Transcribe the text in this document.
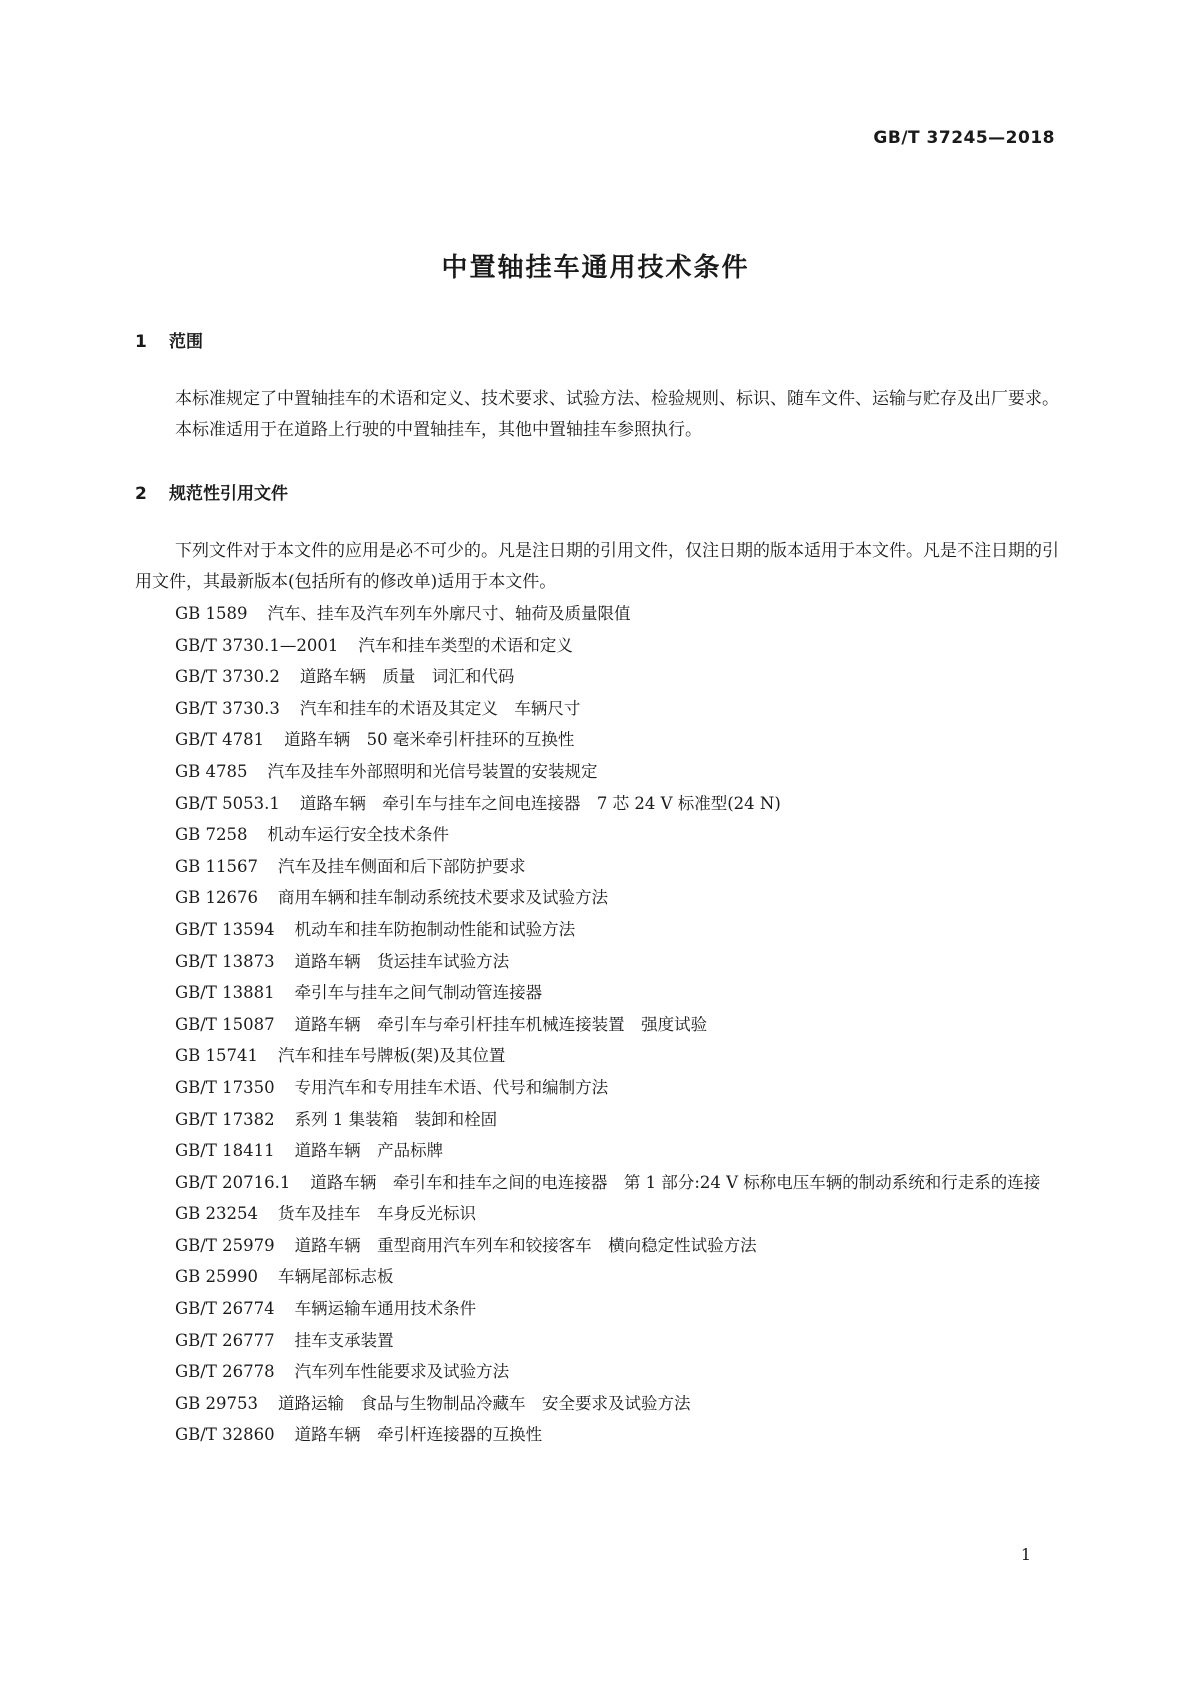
GB/T 37245—2018
中置轴挂车通用技术条件
1 范围

本标准规定了中置轴挂车的术语和定义、技术要求、试验方法、检验规则、标识、随车文件、运输与贮存及出厂要求。

本标准适用于在道路上行驶的中置轴挂车，其他中置轴挂车参照执行。

2 规范性引用文件

下列文件对于本文件的应用是必不可少的。凡是注日期的引用文件，仅注日期的版本适用于本文件。凡是不注日期的引用文件，其最新版本(包括所有的修改单)适用于本文件。

GB 1589 汽车、挂车及汽车列车外廓尺寸、轴荷及质量限值
GB/T 3730.1—2001 汽车和挂车类型的术语和定义
GB/T 3730.2 道路车辆　质量　词汇和代码
GB/T 3730.3 汽车和挂车的术语及其定义　车辆尺寸
GB/T 4781 道路车辆　50 毫米牵引杆挂环的互换性
GB 4785 汽车及挂车外部照明和光信号装置的安装规定
GB/T 5053.1 道路车辆　牵引车与挂车之间电连接器　7 芯 24 V 标准型(24 N)
GB 7258 机动车运行安全技术条件
GB 11567 汽车及挂车侧面和后下部防护要求
GB 12676 商用车辆和挂车制动系统技术要求及试验方法
GB/T 13594 机动车和挂车防抱制动性能和试验方法
GB/T 13873 道路车辆　货运挂车试验方法
GB/T 13881 牵引车与挂车之间气制动管连接器
GB/T 15087 道路车辆　牵引车与牵引杆挂车机械连接装置　强度试验
GB 15741 汽车和挂车号牌板(架)及其位置
GB/T 17350 专用汽车和专用挂车术语、代号和编制方法
GB/T 17382 系列 1 集装箱　装卸和栓固
GB/T 18411 道路车辆　产品标牌
GB/T 20716.1 道路车辆　牵引车和挂车之间的电连接器　第 1 部分:24 V 标称电压车辆的制动系统和行走系的连接
GB 23254 货车及挂车　车身反光标识
GB/T 25979 道路车辆　重型商用汽车列车和铰接客车　横向稳定性试验方法
GB 25990 车辆尾部标志板
GB/T 26774 车辆运输车通用技术条件
GB/T 26777 挂车支承装置
GB/T 26778 汽车列车性能要求及试验方法
GB 29753 道路运输　食品与生物制品冷藏车　安全要求及试验方法
GB/T 32860 道路车辆　牵引杆连接器的互换性
1
